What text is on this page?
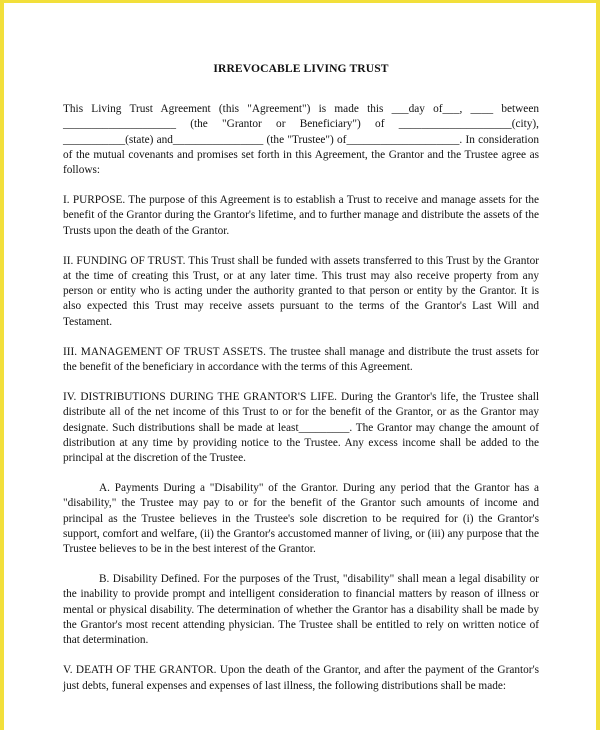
IRREVOCABLE LIVING TRUST

This Living Trust Agreement (this "Agreement") is made this ___day of___, ____ between ____________________ (the "Grantor or Beneficiary") of ____________________(city), ___________(state) and________________ (the "Trustee") of____________________. In consideration of the mutual covenants and promises set forth in this Agreement, the Grantor and the Trustee agree as follows:

I. PURPOSE. The purpose of this Agreement is to establish a Trust to receive and manage assets for the benefit of the Grantor during the Grantor's lifetime, and to further manage and distribute the assets of the Trusts upon the death of the Grantor.

II. FUNDING OF TRUST. This Trust shall be funded with assets transferred to this Trust by the Grantor at the time of creating this Trust, or at any later time. This trust may also receive property from any person or entity who is acting under the authority granted to that person or entity by the Grantor. It is also expected this Trust may receive assets pursuant to the terms of the Grantor's Last Will and Testament.

III. MANAGEMENT OF TRUST ASSETS. The trustee shall manage and distribute the trust assets for the benefit of the beneficiary in accordance with the terms of this Agreement.

IV. DISTRIBUTIONS DURING THE GRANTOR'S LIFE. During the Grantor's life, the Trustee shall distribute all of the net income of this Trust to or for the benefit of the Grantor, or as the Grantor may designate. Such distributions shall be made at least_________. The Grantor may change the amount of distribution at any time by providing notice to the Trustee. Any excess income shall be added to the principal at the discretion of the Trustee.

A. Payments During a "Disability" of the Grantor. During any period that the Grantor has a "disability," the Trustee may pay to or for the benefit of the Grantor such amounts of income and principal as the Trustee believes in the Trustee's sole discretion to be required for (i) the Grantor's support, comfort and welfare, (ii) the Grantor's accustomed manner of living, or (iii) any purpose that the Trustee believes to be in the best interest of the Grantor.

B. Disability Defined. For the purposes of the Trust, "disability" shall mean a legal disability or the inability to provide prompt and intelligent consideration to financial matters by reason of illness or mental or physical disability. The determination of whether the Grantor has a disability shall be made by the Grantor's most recent attending physician. The Trustee shall be entitled to rely on written notice of that determination.

V. DEATH OF THE GRANTOR. Upon the death of the Grantor, and after the payment of the Grantor's just debts, funeral expenses and expenses of last illness, the following distributions shall be made:
